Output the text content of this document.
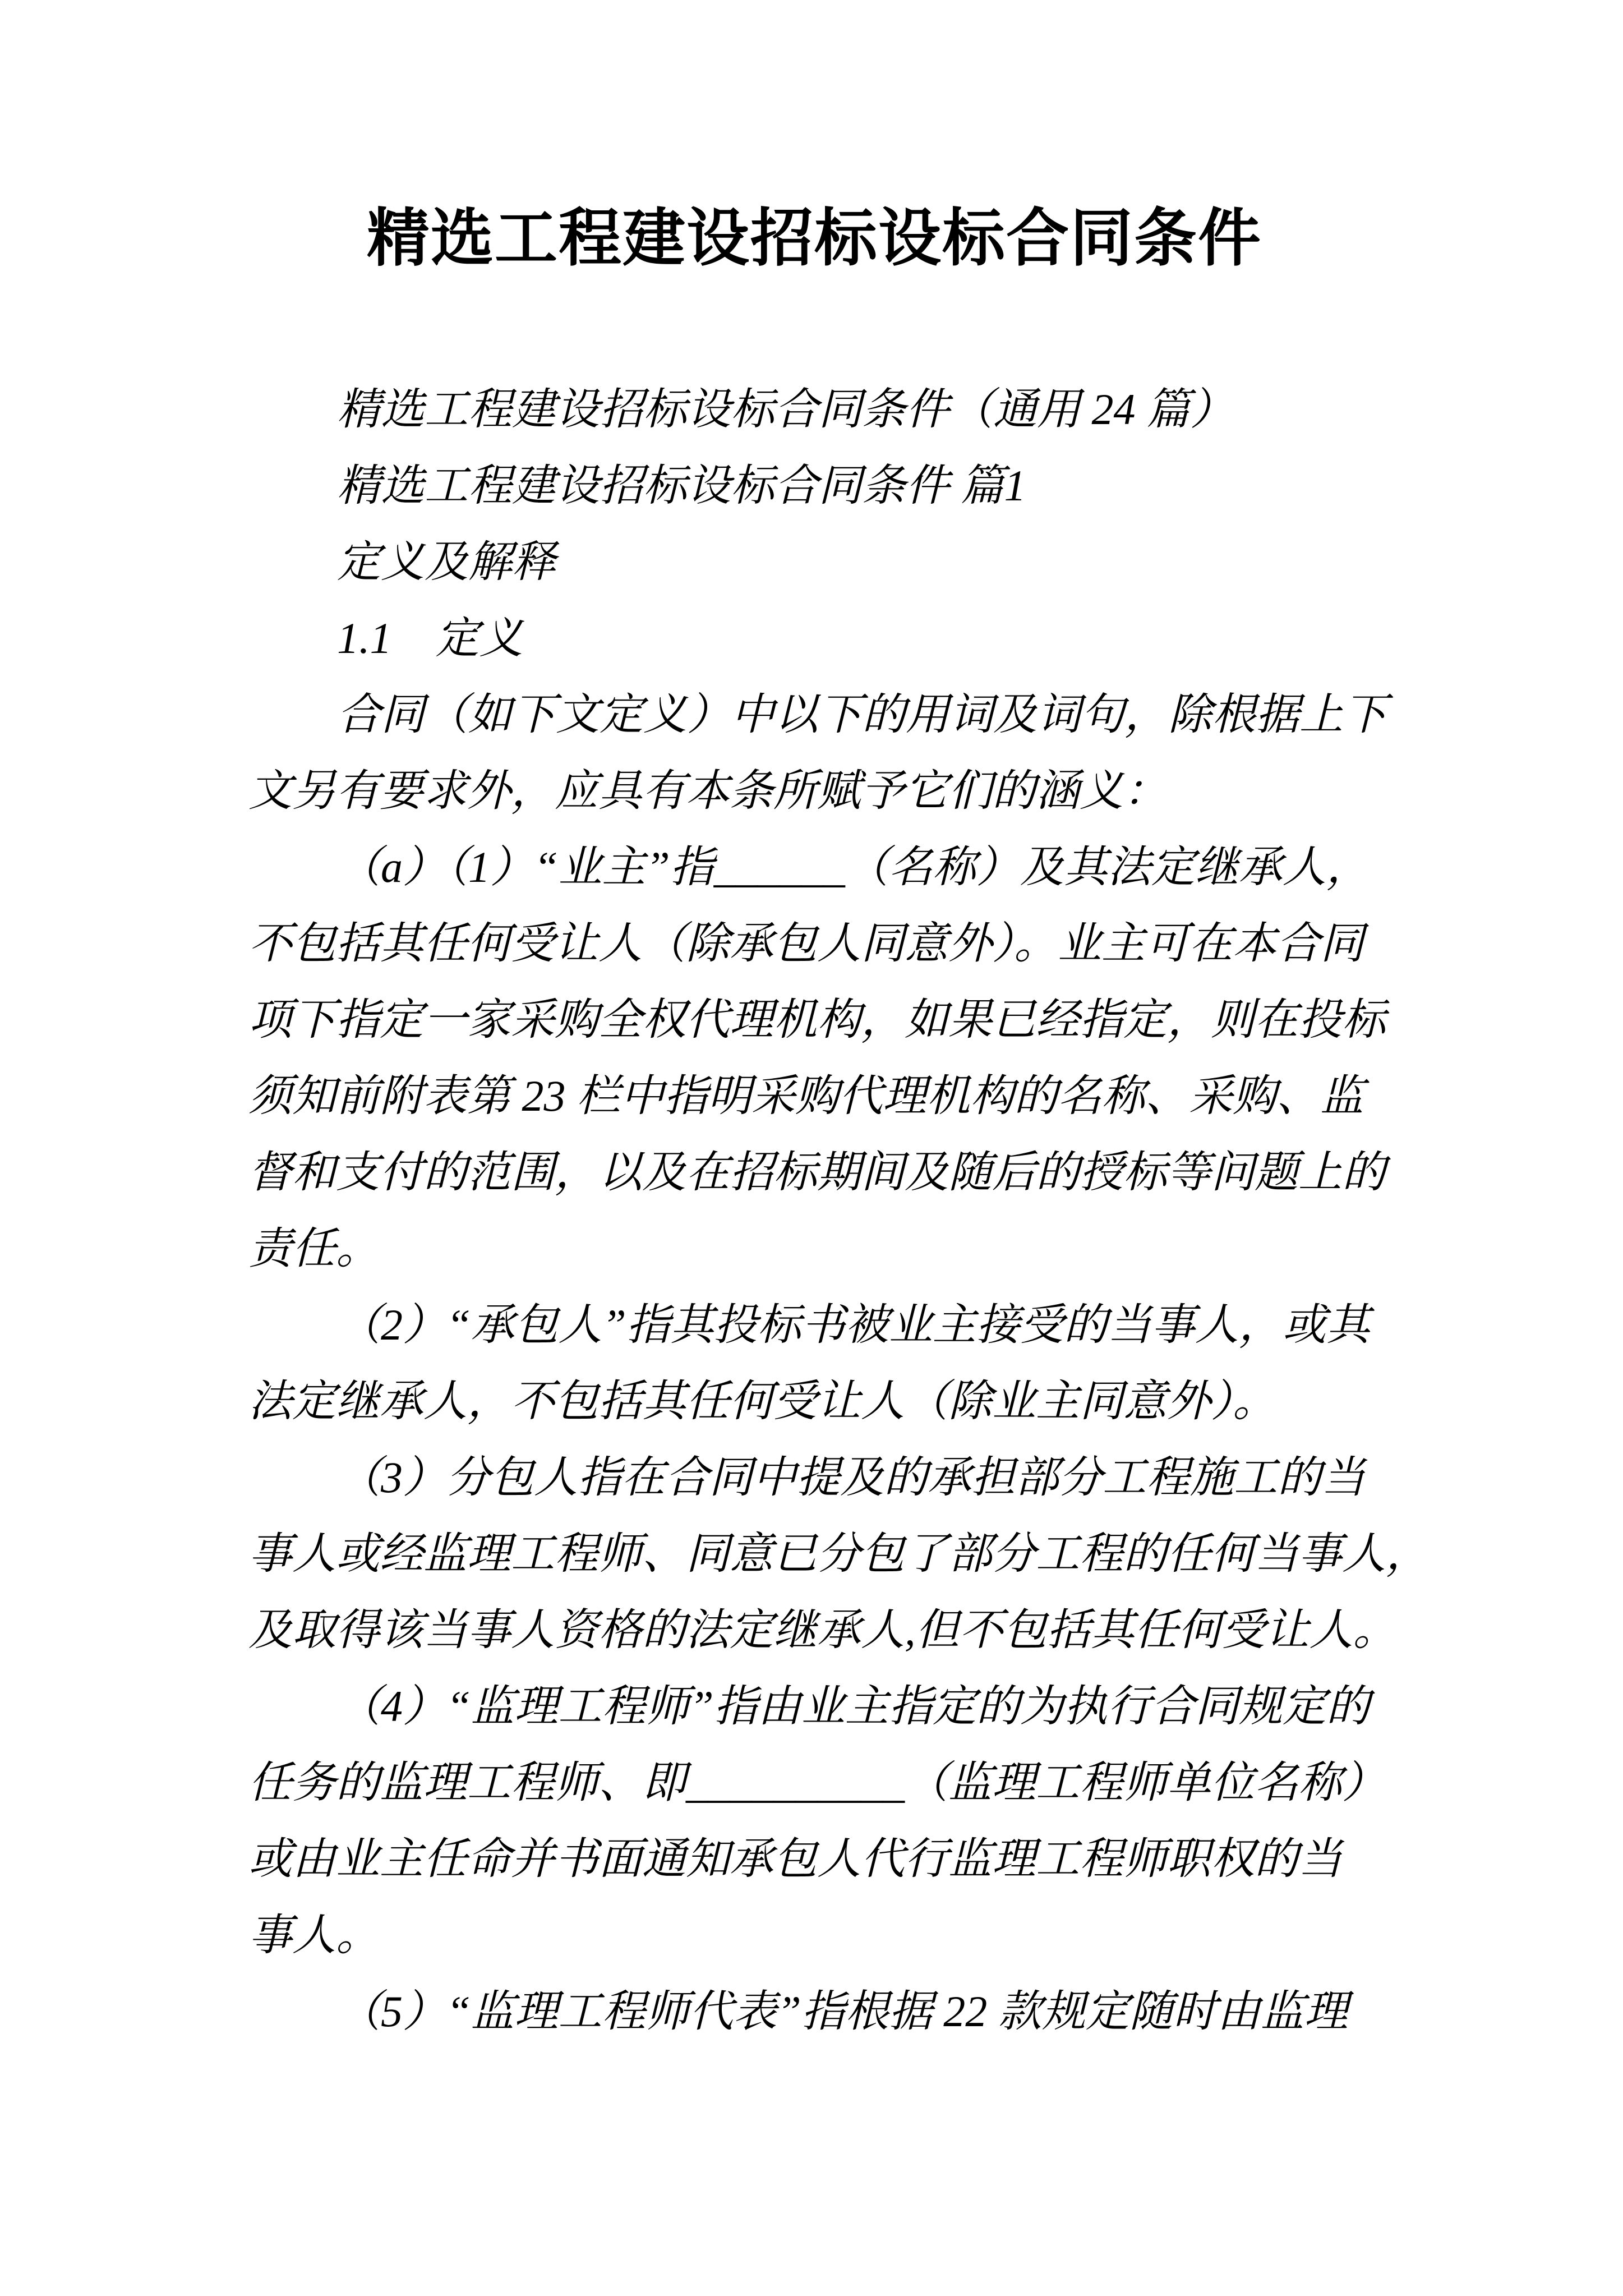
精选工程建设招标设标合同条件
精选工程建设招标设标合同条件（通用 24 篇）
精选工程建设招标设标合同条件 篇1
定义及解释
1.1　定义
合同（如下文定义）中以下的用词及词句，除根据上下
文另有要求外，应具有本条所赋予它们的涵义：
（a）（1）“业主”指______（名称）及其法定继承人，
不包括其任何受让人（除承包人同意外）。业主可在本合同
项下指定一家采购全权代理机构，如果已经指定，则在投标
须知前附表第 23 栏中指明采购代理机构的名称、采购、监
督和支付的范围，以及在招标期间及随后的授标等问题上的
责任。
（2）“承包人”指其投标书被业主接受的当事人，或其
法定继承人，不包括其任何受让人（除业主同意外）。
（3）分包人指在合同中提及的承担部分工程施工的当
事人或经监理工程师、同意已分包了部分工程的任何当事人，
及取得该当事人资格的法定继承人,但不包括其任何受让人。
（4）“监理工程师”指由业主指定的为执行合同规定的
任务的监理工程师、即__________（监理工程师单位名称）
或由业主任命并书面通知承包人代行监理工程师职权的当
事人。
（5）“监理工程师代表”指根据 22 款规定随时由监理
